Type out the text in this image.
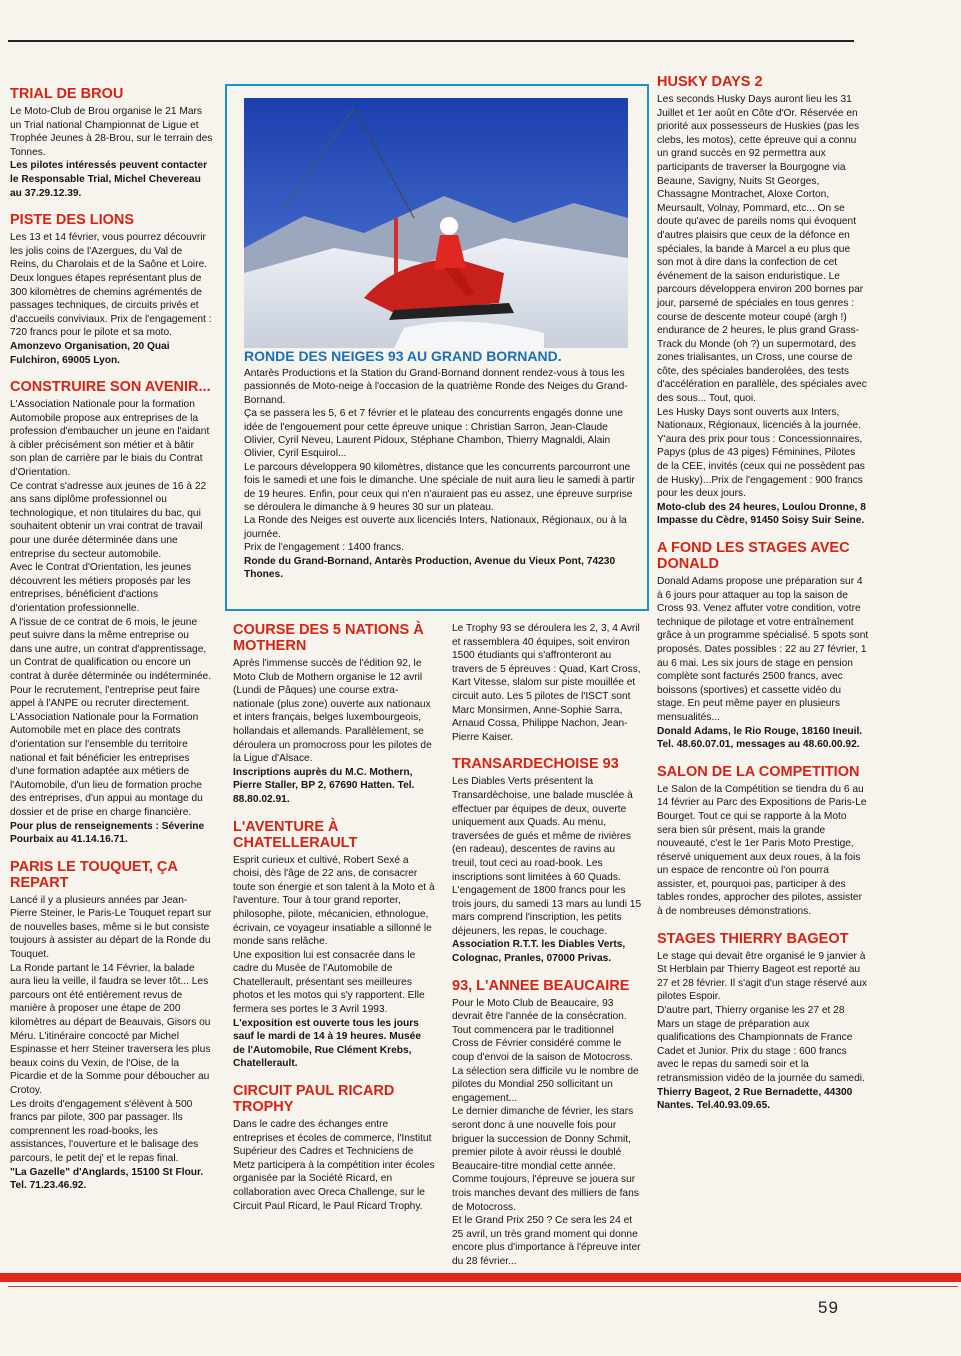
TRIAL DE BROU

Le Moto-Club de Brou organise le 21 Mars un Trial national Championnat de Ligue et Trophée Jeunes à 28-Brou, sur le terrain des Tonnes.

Les pilotes intéressés peuvent contacter le Responsable Trial, Michel Chevereau au 37.29.12.39.

PISTE DES LIONS

Les 13 et 14 février, vous pourrez découvrir les jolis coins de l'Azergues, du Val de Reins, du Charolais et de la Saône et Loire. Deux longues étapes représentant plus de 300 kilomètres de chemins agrémentés de passages techniques, de circuits privés et d'accueils conviviaux. Prix de l'engagement : 720 francs pour le pilote et sa moto.

Amonzevo Organisation, 20 Quai Fulchiron, 69005 Lyon.

CONSTRUIRE SON AVENIR...

L'Association Nationale pour la formation Automobile propose aux entreprises de la profession d'embaucher un jeune en l'aidant à cibler précisément son métier et à bâtir son plan de carrière par le biais du Contrat d'Orientation.

Ce contrat s'adresse aux jeunes de 16 à 22 ans sans diplôme professionnel ou technologique, et non titulaires du bac, qui souhaitent obtenir un vrai contrat de travail pour une durée déterminée dans une entreprise du secteur automobile.

Avec le Contrat d'Orientation, les jeunes découvrent les métiers proposés par les entreprises, bénéficient d'actions d'orientation professionnelle.

A l'issue de ce contrat de 6 mois, le jeune peut suivre dans la même entreprise ou dans une autre, un contrat d'apprentissage, un Contrat de qualification ou encore un contrat à durée déterminée ou indéterminée. Pour le recrutement, l'entreprise peut faire appel à l'ANPE ou recruter directement.

L'Association Nationale pour la Formation Automobile met en place des contrats d'orientation sur l'ensemble du territoire national et fait bénéficier les entreprises d'une formation adaptée aux métiers de l'Automobile, d'un lieu de formation proche des entreprises, d'un appui au montage du dossier et de prise en charge financière.

Pour plus de renseignements : Séverine Pourbaix au 41.14.16.71.

PARIS LE TOUQUET, ÇA REPART

Lancé il y a plusieurs années par Jean-Pierre Steiner, le Paris-Le Touquet repart sur de nouvelles bases, même si le but consiste toujours à assister au départ de la Ronde du Touquet.

La Ronde partant le 14 Février, la balade aura lieu la veille, il faudra se lever tôt... Les parcours ont été entièrement revus de manière à proposer une étape de 200 kilomètres au départ de Beauvais, Gisors ou Méru. L'itinéraire concocté par Michel Espinasse et herr Steiner traversera les plus beaux coins du Vexin, de l'Oise, de la Picardie et de la Somme pour déboucher au Crotoy.

Les droits d'engagement s'élèvent à 500 francs par pilote, 300 par passager. Ils comprennent les road-books, les assistances, l'ouverture et le balisage des parcours, le petit dej' et le repas final.

"La Gazelle" d'Anglards, 15100 St Flour. Tel. 71.23.46.92.

RONDE DES NEIGES 93 AU GRAND BORNAND.

Antarès Productions et la Station du Grand-Bornand donnent rendez-vous à tous les passionnés de Moto-neige à l'occasion de la quatrième Ronde des Neiges du Grand-Bornand.

Ça se passera les 5, 6 et 7 février et le plateau des concurrents engagés donne une idée de l'engouement pour cette épreuve unique : Christian Sarron, Jean-Claude Olivier, Cyril Neveu, Laurent Pidoux, Stéphane Chambon, Thierry Magnaldi, Alain Olivier, Cyril Esquirol...

Le parcours développera 90 kilomètres, distance que les concurrents parcourront une fois le samedi et une fois le dimanche. Une spéciale de nuit aura lieu le samedi à partir de 19 heures. Enfin, pour ceux qui n'en n'auraient pas eu assez, une épreuve surprise se déroulera le dimanche à 9 heures 30 sur un plateau.

La Ronde des Neiges est ouverte aux licenciés Inters, Nationaux, Régionaux, ou à la journée.

Prix de l'engagement : 1400 francs.

Ronde du Grand-Bornand, Antarès Production, Avenue du Vieux Pont, 74230 Thones.

COURSE DES 5 NATIONS À MOTHERN

Après l'immense succès de l'édition 92, le Moto Club de Mothern organise le 12 avril (Lundi de Pâques) une course extra-nationale (plus zone) ouverte aux nationaux et inters français, belges luxembourgeois, hollandais et allemands. Parallèlement, se déroulera un promocross pour les pilotes de la Ligue d'Alsace.

Inscriptions auprès du M.C. Mothern, Pierre Staller, BP 2, 67690 Hatten. Tel. 88.80.02.91.

L'AVENTURE À CHATELLERAULT

Esprit curieux et cultivé, Robert Sexé a choisi, dès l'âge de 22 ans, de consacrer toute son énergie et son talent à la Moto et à l'aventure. Tour à tour grand reporter, philosophe, pilote, mécanicien, ethnologue, écrivain, ce voyageur insatiable a sillonné le monde sans relâche.

Une exposition lui est consacrée dans le cadre du Musée de l'Automobile de Chatellerault, présentant ses meilleures photos et les motos qui s'y rapportent. Elle fermera ses portes le 3 Avril 1993.

L'exposition est ouverte tous les jours sauf le mardi de 14 à 19 heures. Musée de l'Automobile, Rue Clément Krebs, Chatellerault.

CIRCUIT PAUL RICARD TROPHY

Dans le cadre des échanges entre entreprises et écoles de commerce, l'Institut Supérieur des Cadres et Techniciens de Metz participera à la compétition inter écoles organisée par la Société Ricard, en collaboration avec Oreca Challenge, sur le Circuit Paul Ricard, le Paul Ricard Trophy.

Le Trophy 93 se déroulera les 2, 3, 4 Avril et rassemblera 40 équipes, soit environ 1500 étudiants qui s'affronteront au travers de 5 épreuves : Quad, Kart Cross, Kart Vitesse, slalom sur piste mouillée et circuit auto. Les 5 pilotes de l'ISCT sont Marc Monsirmen, Anne-Sophie Sarra, Arnaud Cossa, Philippe Nachon, Jean-Pierre Kaiser.

TRANSARDECHOISE 93

Les Diables Verts présentent la Transardèchoise, une balade musclée à effectuer par équipes de deux, ouverte uniquement aux Quads. Au menu, traversées de gués et même de rivières (en radeau), descentes de ravins au treuil, tout ceci au road-book. Les inscriptions sont limitées à 60 Quads.

L'engagement de 1800 francs pour les trois jours, du samedi 13 mars au lundi 15 mars comprend l'inscription, les petits déjeuners, les repas, le couchage.

Association R.T.T. les Diables Verts, Colognac, Pranles, 07000 Privas.

93, L'ANNEE BEAUCAIRE

Pour le Moto Club de Beaucaire, 93 devrait être l'année de la consécration. Tout commencera par le traditionnel Cross de Février considéré comme le coup d'envoi de la saison de Motocross. La sélection sera difficile vu le nombre de pilotes du Mondial 250 sollicitant un engagement...

Le dernier dimanche de février, les stars seront donc à une nouvelle fois pour briguer la succession de Donny Schmit, premier pilote à avoir réussi le doublé Beaucaire-titre mondial cette année. Comme toujours, l'épreuve se jouera sur trois manches devant des milliers de fans de Motocross.

Et le Grand Prix 250 ? Ce sera les 24 et 25 avril, un très grand moment qui donne encore plus d'importance à l'épreuve inter du 28 février...

HUSKY DAYS 2

Les seconds Husky Days auront lieu les 31 Juillet et 1er août en Côte d'Or. Réservée en priorité aux possesseurs de Huskies (pas les clebs, les motos), cette épreuve qui a connu un grand succès en 92 permettra aux participants de traverser la Bourgogne via Beaune, Savigny, Nuits St Georges, Chassagne Montrachet, Aloxe Corton, Meursault, Volnay, Pommard, etc... On se doute qu'avec de pareils noms qui évoquent d'autres plaisirs que ceux de la défonce en spéciales, la bande à Marcel a eu plus que son mot à dire dans la confection de cet événement de la saison enduristique. Le parcours développera environ 200 bornes par jour, parsemé de spéciales en tous genres : course de descente moteur coupé (argh !) endurance de 2 heures, le plus grand Grass-Track du Monde (oh ?) un supermotard, des zones trialisantes, un Cross, une course de côte, des spéciales banderolées, des tests d'accélération en parallèle, des spéciales avec des sous... Tout, quoi.

Les Husky Days sont ouverts aux Inters, Nationaux, Régionaux, licenciés à la journée. Y'aura des prix pour tous : Concessionnaires, Papys (plus de 43 piges) Féminines, Pilotes de la CEE, invités (ceux qui ne possèdent pas de Husky)...Prix de l'engagement : 900 francs pour les deux jours.

Moto-club des 24 heures, Loulou Dronne, 8 Impasse du Cèdre, 91450 Soisy Suir Seine.

A FOND LES STAGES AVEC DONALD

Donald Adams propose une préparation sur 4 à 6 jours pour attaquer au top la saison de Cross 93. Venez affuter votre condition, votre technique de pilotage et votre entraînement grâce à un programme spécialisé. 5 spots sont proposés. Dates possibles : 22 au 27 février, 1 au 6 mai. Les six jours de stage en pension complète sont facturés 2500 francs, avec boissons (sportives) et cassette vidéo du stage. En peut même payer en plusieurs mensualités...

Donald Adams, le Rio Rouge, 18160 Ineuil. Tel. 48.60.07.01, messages au 48.60.00.92.

SALON DE LA COMPETITION

Le Salon de la Compétition se tiendra du 6 au 14 février au Parc des Expositions de Paris-Le Bourget. Tout ce qui se rapporte à la Moto sera bien sûr présent, mais la grande nouveauté, c'est le 1er Paris Moto Prestige, réservé uniquement aux deux roues, à la fois un espace de rencontre où l'on pourra assister, et, pourquoi pas, participer à des tables rondes, approcher des pilotes, assister à de nombreuses démonstrations.

STAGES THIERRY BAGEOT

Le stage qui devait être organisé le 9 janvier à St Herblain par Thierry Bageot est reporté au 27 et 28 février. Il s'agit d'un stage réservé aux pilotes Espoir.

D'autre part, Thierry organise les 27 et 28 Mars un stage de préparation aux qualifications des Championnats de France Cadet et Junior. Prix du stage : 600 francs avec le repas du samedi soir et la retransmission vidéo de la journée du samedi.

Thierry Bageot, 2 Rue Bernadette, 44300 Nantes. Tel.40.93.09.65.

59
